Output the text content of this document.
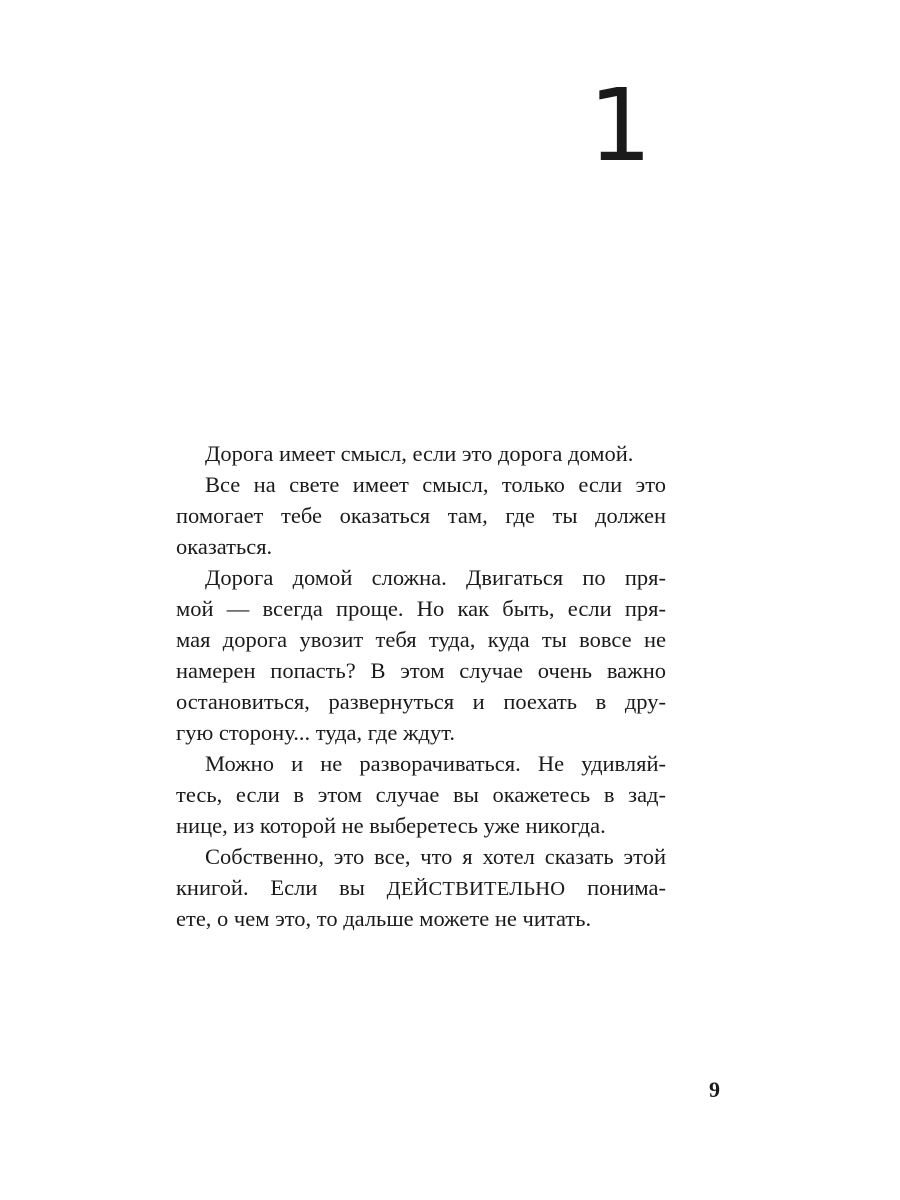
1
Дорога имеет смысл, если это дорога домой.
Все на свете имеет смысл, только если это
помогает тебе оказаться там, где ты должен
оказаться.
Дорога домой сложна. Двигаться по пря-
мой — всегда проще. Но как быть, если пря-
мая дорога увозит тебя туда, куда ты вовсе не
намерен попасть? В этом случае очень важно
остановиться, развернуться и поехать в дру-
гую сторону... туда, где ждут.
Можно и не разворачиваться. Не удивляй-
тесь, если в этом случае вы окажетесь в зад-
нице, из которой не выберетесь уже никогда.
Собственно, это все, что я хотел сказать этой
книгой. Если вы ДЕЙСТВИТЕЛЬНО понима-
ете, о чем это, то дальше можете не читать.
9
